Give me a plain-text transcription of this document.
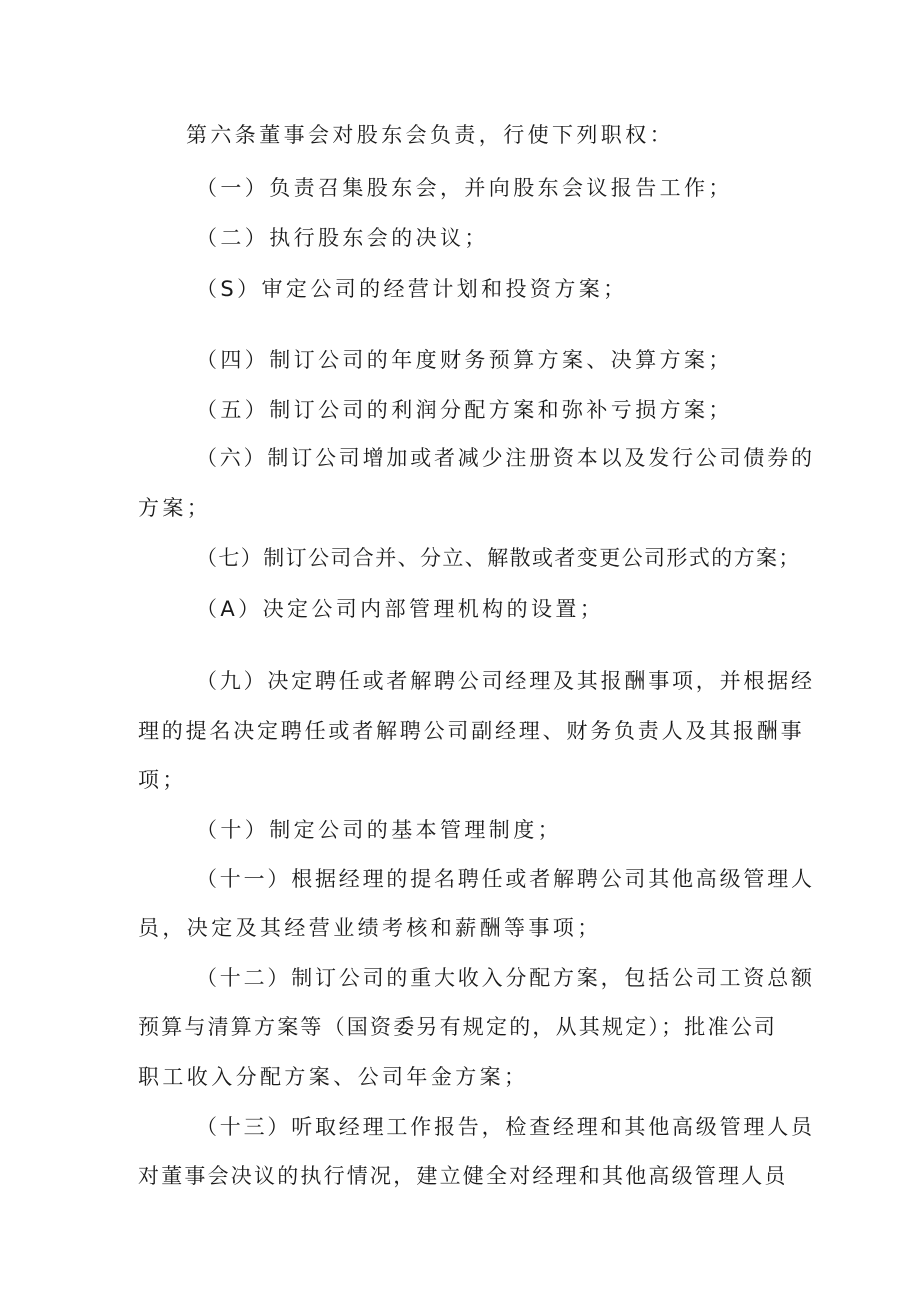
第六条董事会对股东会负责，行使下列职权：
（一）负责召集股东会，并向股东会议报告工作；
（二）执行股东会的决议；
（S）审定公司的经营计划和投资方案；
（四）制订公司的年度财务预算方案、决算方案；
（五）制订公司的利润分配方案和弥补亏损方案；
（六）制订公司增加或者减少注册资本以及发行公司债券的
方案；
（七）制订公司合并、分立、解散或者变更公司形式的方案；
（A）决定公司内部管理机构的设置；
（九）决定聘任或者解聘公司经理及其报酬事项，并根据经
理的提名决定聘任或者解聘公司副经理、财务负责人及其报酬事
项；
（十）制定公司的基本管理制度；
（十一）根据经理的提名聘任或者解聘公司其他高级管理人
员，决定及其经营业绩考核和薪酬等事项；
（十二）制订公司的重大收入分配方案，包括公司工资总额
预算与清算方案等（国资委另有规定的，从其规定）；批准公司
职工收入分配方案、公司年金方案；
（十三）听取经理工作报告，检查经理和其他高级管理人员
对董事会决议的执行情况，建立健全对经理和其他高级管理人员
